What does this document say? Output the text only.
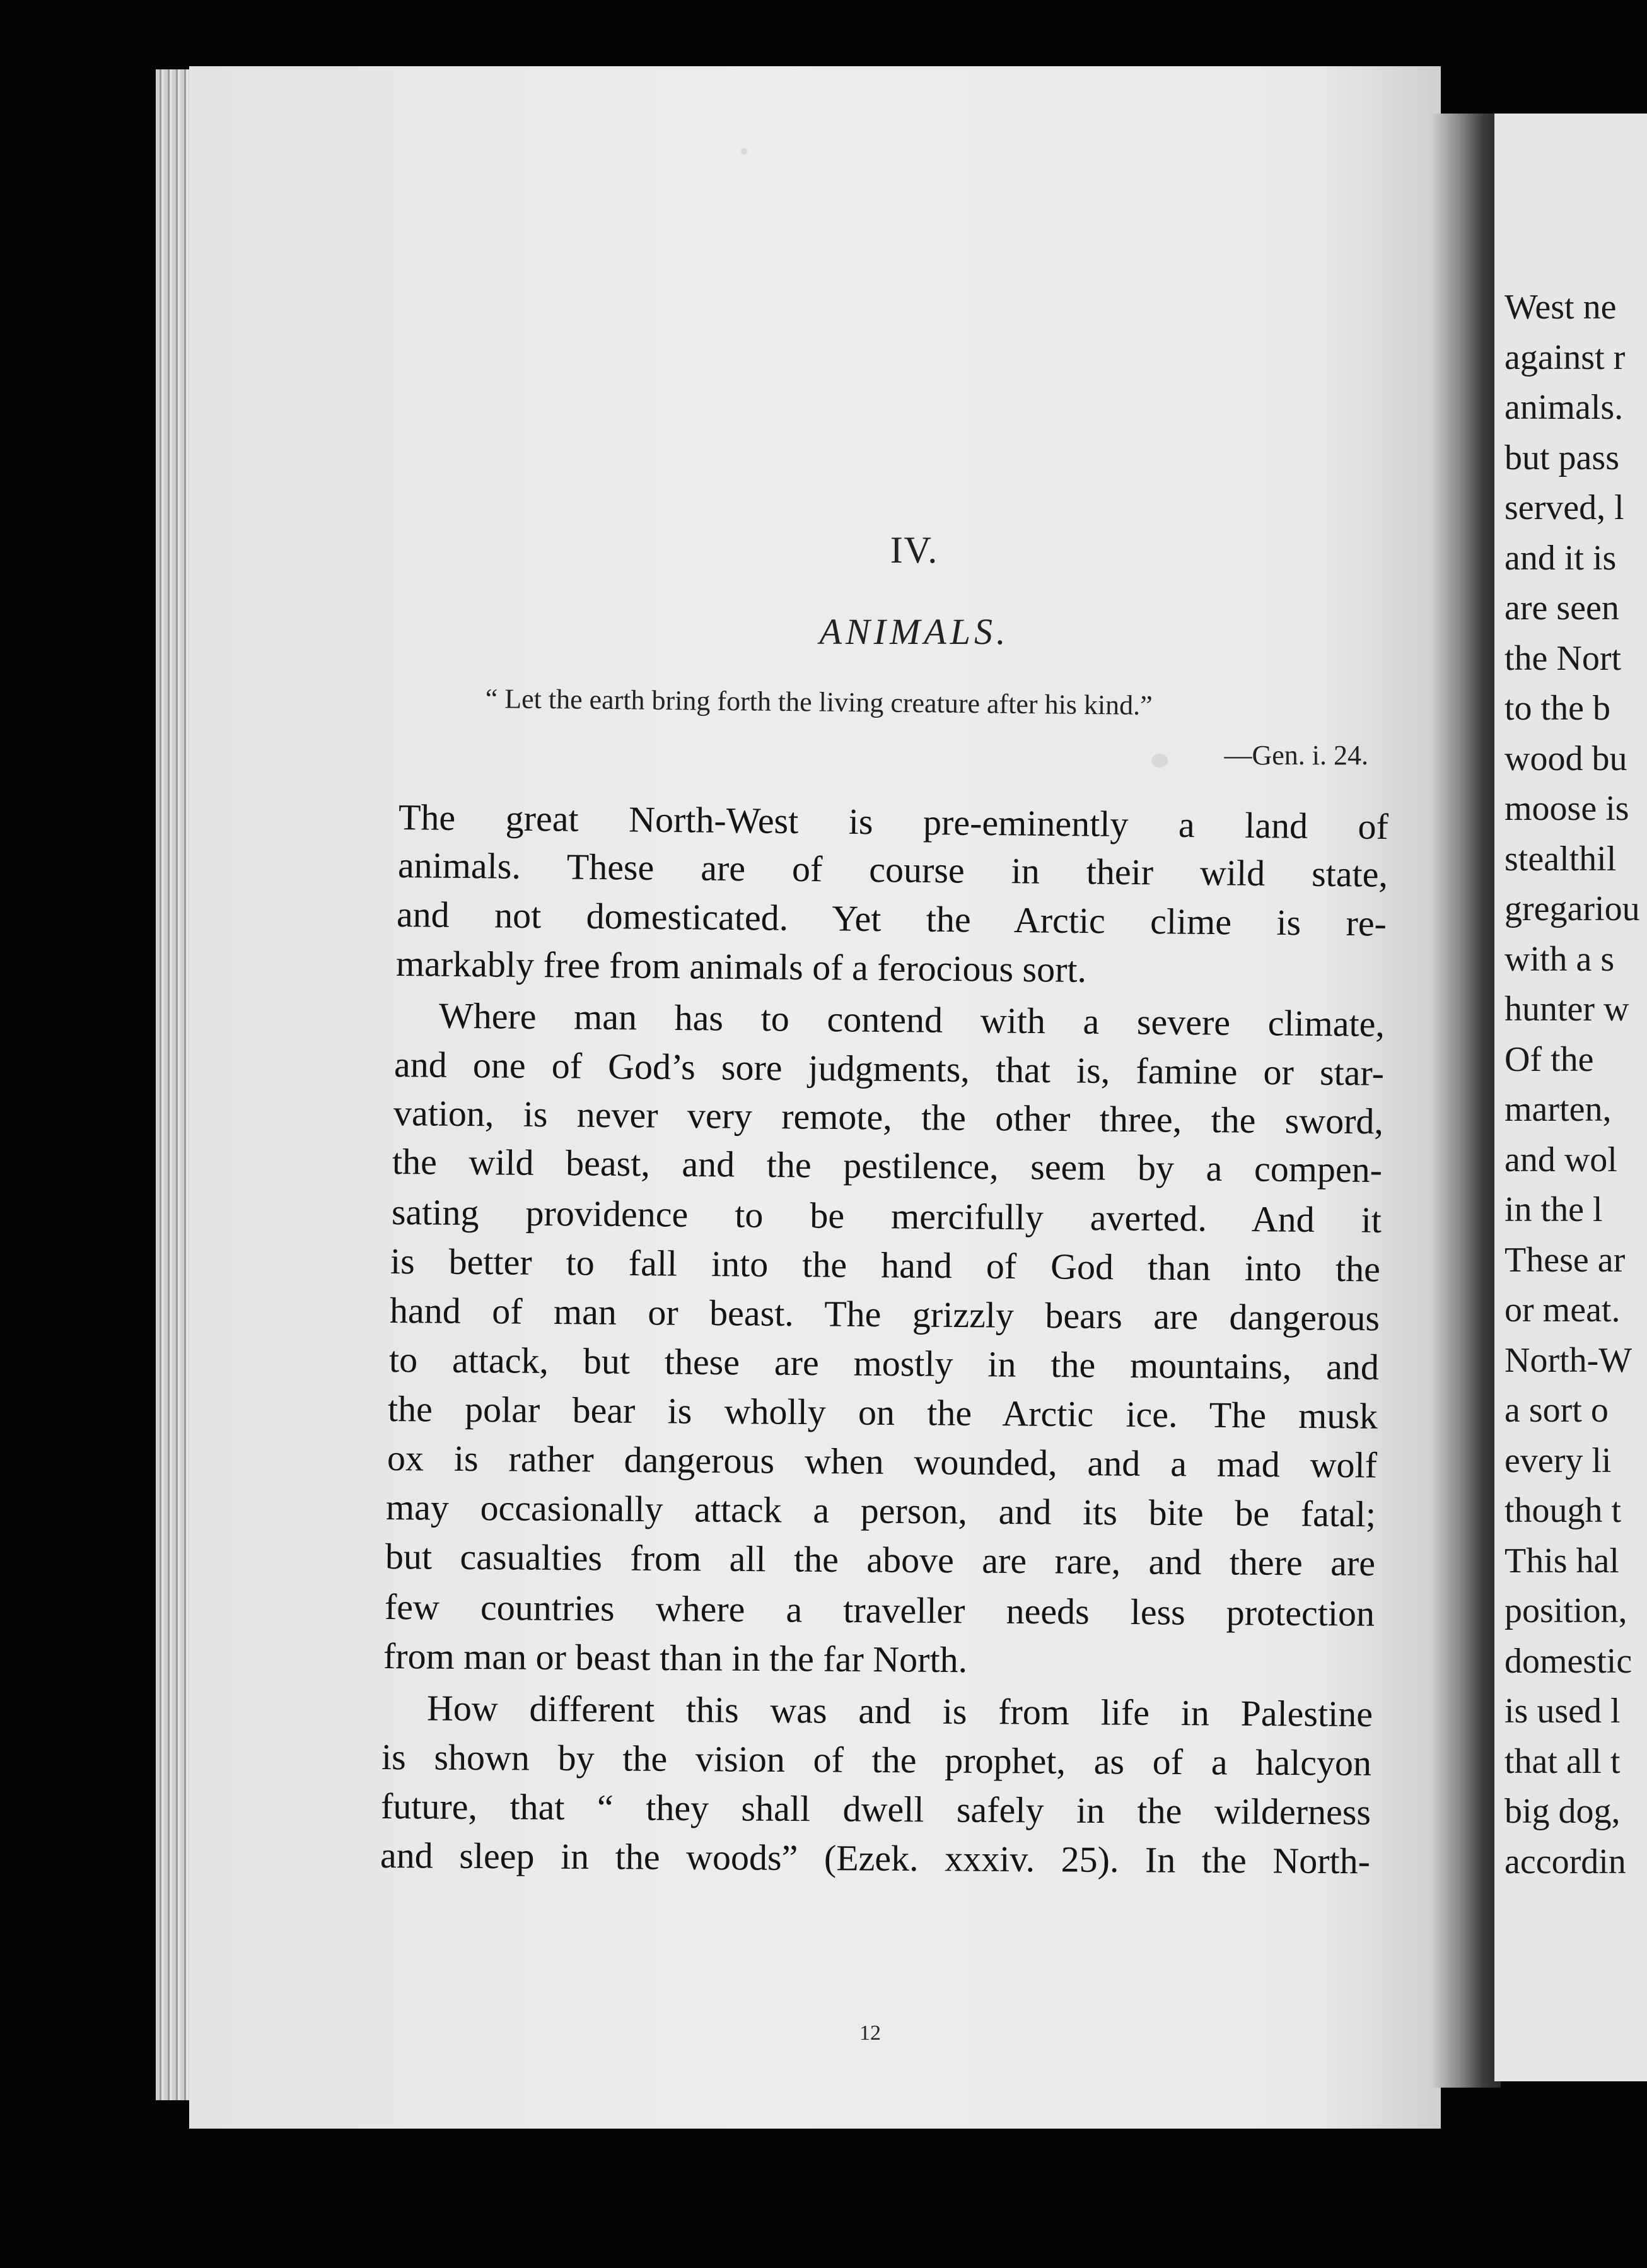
West ne
against r
animals.
but pass
served, l
and it is
are seen
the Nort
to the b
wood bu
moose is
stealthil
gregariou
with a s
hunter w
Of the
marten,
and wol
in the l
These ar
or meat.
North-W
a sort o
every li
though t
This hal
position,
domestic
is used l
that all t
big dog,
accordin
IV.
ANIMALS.
“ Let the earth bring forth the living creature after his kind.”
—Gen. i. 24.
The great North-West is pre-eminently a land of
animals. These are of course in their wild state,
and not domesticated. Yet the Arctic clime is re-
markably free from animals of a ferocious sort.
Where man has to contend with a severe climate,
and one of God’s sore judgments, that is, famine or star-
vation, is never very remote, the other three, the sword,
the wild beast, and the pestilence, seem by a compen-
sating providence to be mercifully averted. And it
is better to fall into the hand of God than into the
hand of man or beast. The grizzly bears are dangerous
to attack, but these are mostly in the mountains, and
the polar bear is wholly on the Arctic ice. The musk
ox is rather dangerous when wounded, and a mad wolf
may occasionally attack a person, and its bite be fatal;
but casualties from all the above are rare, and there are
few countries where a traveller needs less protection
from man or beast than in the far North.
How different this was and is from life in Palestine
is shown by the vision of the prophet, as of a halcyon
future, that “ they shall dwell safely in the wilderness
and sleep in the woods” (Ezek. xxxiv. 25). In the North-
12
